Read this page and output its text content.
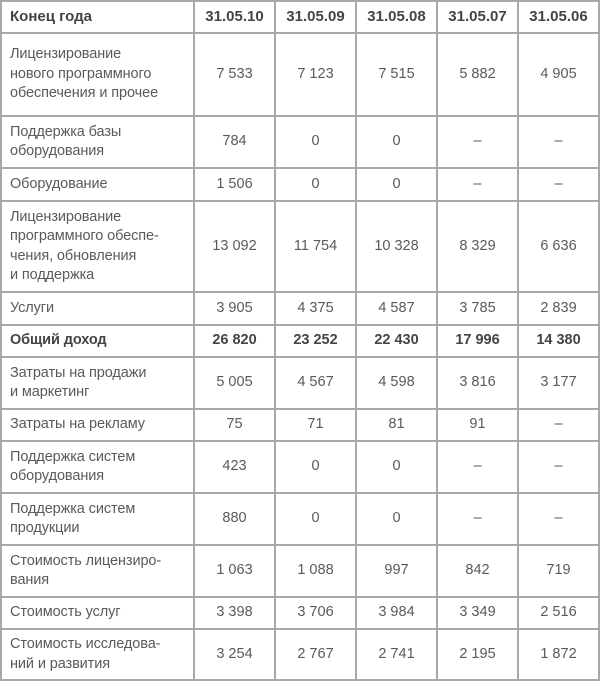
Конец года	31.05.10	31.05.09	31.05.08	31.05.07	31.05.06
Лицензирование
нового программного
обеспечения и прочее	7 533	7 123	7 515	5 882	4 905
Поддержка базы
оборудования	784	0	0	–	–
Оборудование	1 506	0	0	–	–
Лицензирование
программного обеспе-
чения, обновления
и поддержка	13 092	11 754	10 328	8 329	6 636
Услуги	3 905	4 375	4 587	3 785	2 839
Общий доход	26 820	23 252	22 430	17 996	14 380
Затраты на продажи
и маркетинг	5 005	4 567	4 598	3 816	3 177
Затраты на рекламу	75	71	81	91	–
Поддержка систем
оборудования	423	0	0	–	–
Поддержка систем
продукции	880	0	0	–	–
Стоимость лицензиро-
вания	1 063	1 088	997	842	719
Стоимость услуг	3 398	3 706	3 984	3 349	2 516
Стоимость исследова-
ний и развития	3 254	2 767	2 741	2 195	1 872
